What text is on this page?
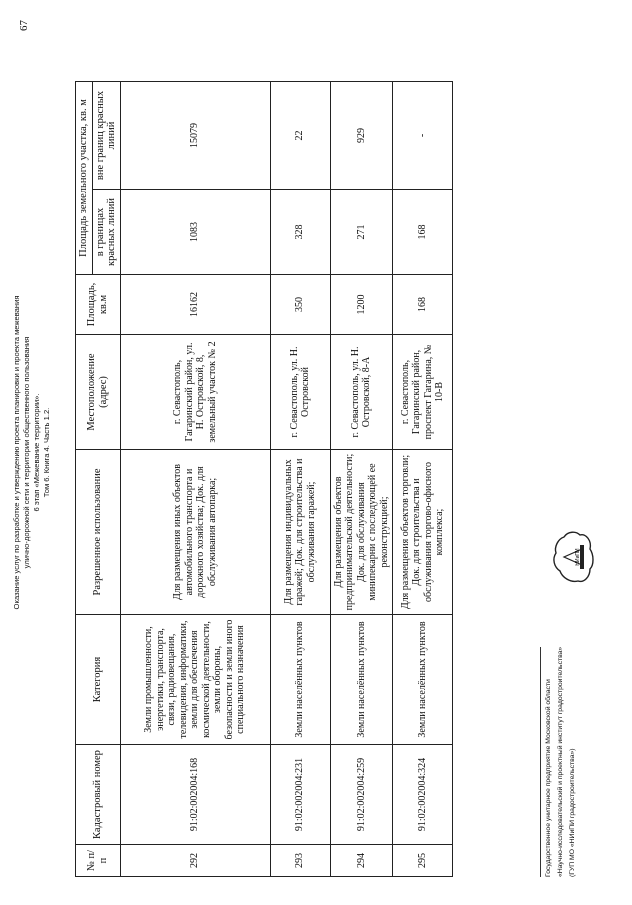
Оказание услуг по разработке и утверждению проекта планировки и проекта межевания улично-дорожной сети и территории общественного пользования 6 этап «Межевание территории». Том 6. Книга 4. Часть 1.2.
67
№ п/п	Кадастровый номер	Категория	Разрешенное использование	Местоположение (адрес)	Площадь, кв.м	Площадь земельного участка, кв. м	
						в границах красных линий	вне границ красных линий
292	91:02:002004:168	Земли промышленности, энергетики, транспорта, связи, радиовещания, телевидения, информатики, земли для обеспечения космической деятельности, земли обороны, безопасности и земли иного специального назначения	Для размещения иных объектов автомобильного транспорта и дорожного хозяйства; Док. для обслуживания автопарка;	г. Севастополь, Гагаринский район, ул. Н. Островской, 8, земельный участок № 2	16162	1083	15079
293	91:02:002004:231	Земли населённых пунктов	Для размещения индивидуальных гаражей; Док. для строительства и обслуживания гаражей;	г. Севастополь, ул. Н. Островской	350	328	22
294	91:02:002004:259	Земли населённых пунктов	Для размещения объектов предпринимательской деятельности; Док. для обслуживания минипекарни с последующей ее реконструкцией;	г. Севастополь, ул. Н. Островской, 8-А	1200	271	929
295	91:02:002004:324	Земли населённых пунктов	Для размещения объектов торговли; Док. для строительства и обслуживания торгово-офисного комплекса;	г. Севастополь, Гагаринский район, проспект Гагарина, № 10-В	168	168	-
Государственное унитарное предприятие Московской области «Научно-исследовательский и проектный институт градостроительства» (ГУП МО «НИиПИ градостроительства»)
НИиПИ
